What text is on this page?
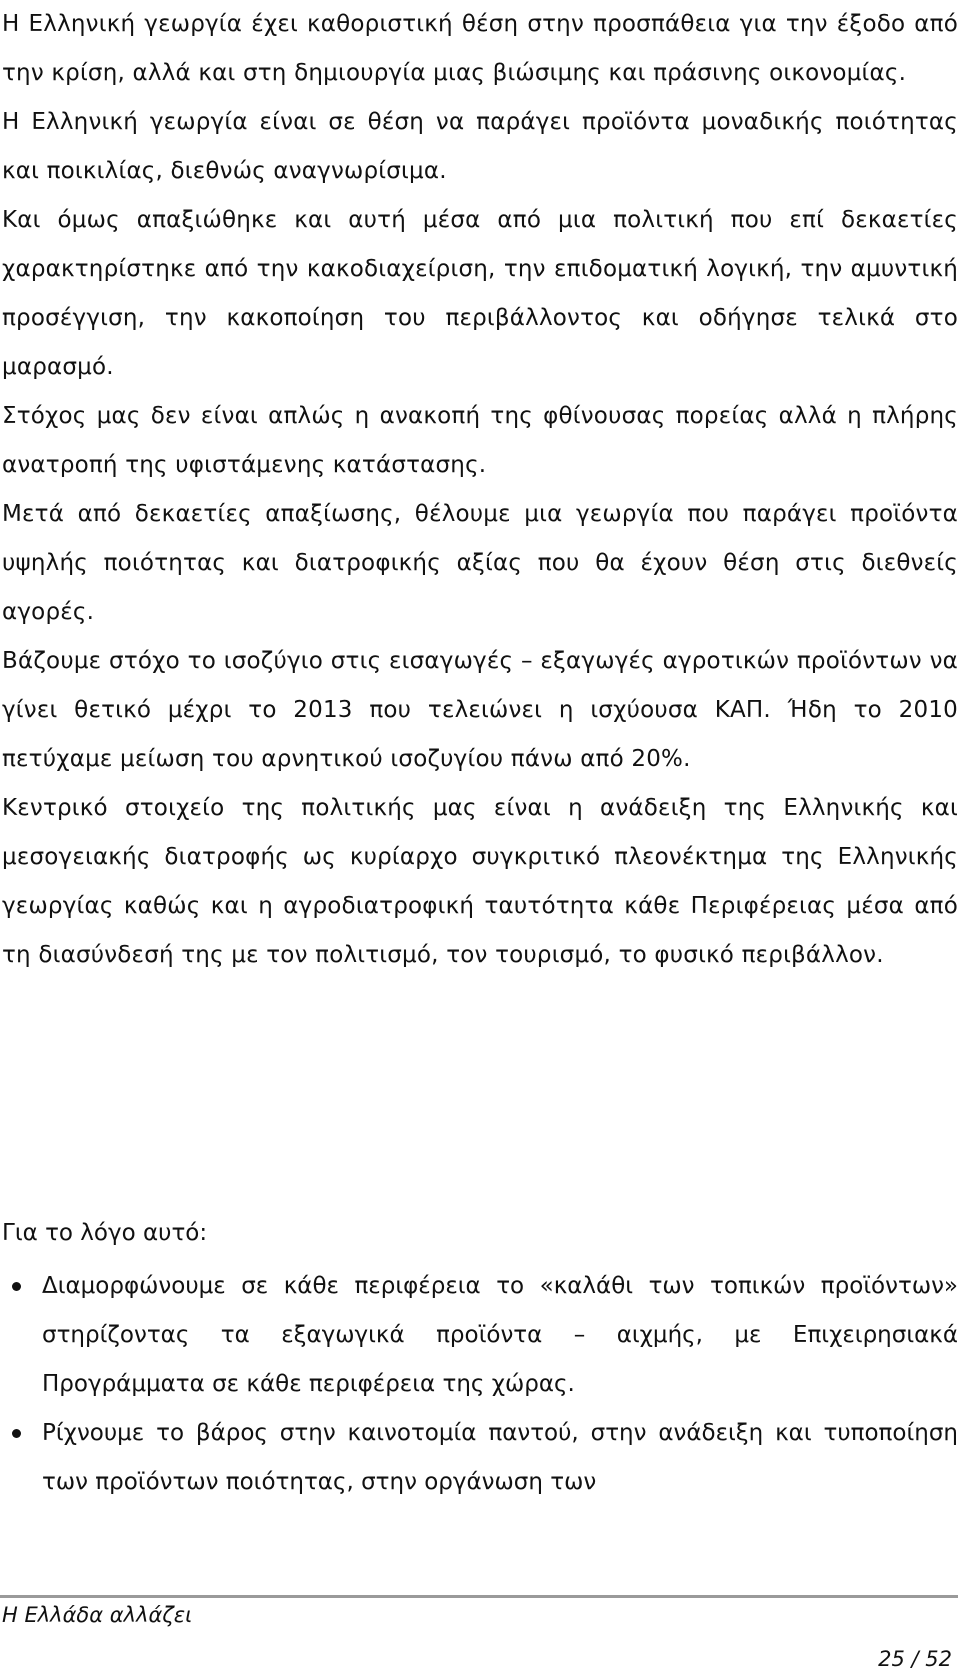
Η Ελληνική γεωργία έχει καθοριστική θέση στην προσπάθεια για την έξοδο από την κρίση, αλλά και στη δημιουργία μιας βιώσιμης και πράσινης οικονομίας.

Η Ελληνική γεωργία είναι σε θέση να παράγει προϊόντα μοναδικής ποιότητας και ποικιλίας, διεθνώς αναγνωρίσιμα.

Και όμως απαξιώθηκε και αυτή μέσα από μια πολιτική που επί δεκαετίες χαρακτηρίστηκε από την κακοδιαχείριση, την επιδοματική λογική, την αμυντική προσέγγιση, την κακοποίηση του περιβάλλοντος και οδήγησε τελικά στο μαρασμό.

Στόχος μας δεν είναι απλώς η ανακοπή της φθίνουσας πορείας αλλά η πλήρης ανατροπή της υφιστάμενης κατάστασης.

Μετά από δεκαετίες απαξίωσης, θέλουμε μια γεωργία που παράγει προϊόντα υψηλής ποιότητας και διατροφικής αξίας που θα έχουν θέση στις διεθνείς αγορές.

Βάζουμε στόχο το ισοζύγιο στις εισαγωγές – εξαγωγές αγροτικών προϊόντων να γίνει θετικό μέχρι το 2013 που τελειώνει η ισχύουσα ΚΑΠ. Ήδη το 2010 πετύχαμε μείωση του αρνητικού ισοζυγίου πάνω από 20%.

Κεντρικό στοιχείο της πολιτικής μας είναι η ανάδειξη της Ελληνικής και μεσογειακής διατροφής ως κυρίαρχο συγκριτικό πλεονέκτημα της Ελληνικής γεωργίας καθώς και η αγροδιατροφική ταυτότητα κάθε Περιφέρειας μέσα από τη διασύνδεσή της με τον πολιτισμό, τον τουρισμό, το φυσικό περιβάλλον.

Για το λόγο αυτό:
Διαμορφώνουμε σε κάθε περιφέρεια το «καλάθι των τοπικών προϊόντων» στηρίζοντας τα εξαγωγικά προϊόντα – αιχμής, με Επιχειρησιακά Προγράμματα σε κάθε περιφέρεια της χώρας.
Ρίχνουμε το βάρος στην καινοτομία παντού, στην ανάδειξη και τυποποίηση των προϊόντων ποιότητας, στην οργάνωση των
Η Ελλάδα αλλάζει
25 / 52
